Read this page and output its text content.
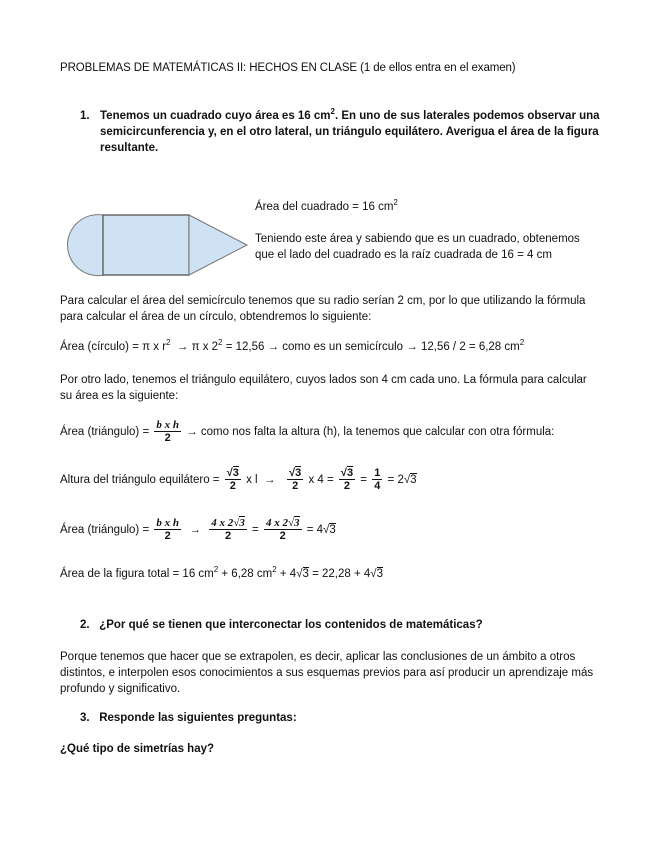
PROBLEMAS DE MATEMÁTICAS II: HECHOS EN CLASE (1 de ellos entra en el examen)
1. Tenemos un cuadrado cuyo área es 16 $cm^2$. En uno de sus laterales podemos observar una semicircunferencia y, en el otro lateral, un triángulo equilátero. Averigua el área de la figura resultante.
Área del cuadrado = 16 $cm^2$
Teniendo este área y sabiendo que es un cuadrado, obtenemos que el lado del cuadrado es la raíz cuadrada de 16 = 4 cm
Para calcular el área del semicírculo tenemos que su radio serían 2 cm, por lo que utilizando la fórmula para calcular el área de un círculo, obtendremos lo siguiente:
Área (círculo) = π x $r^2 \to \pi$ x $2^2 = 12,56$ → como es un semicírculo → 12,56 / 2 = 6,28 $cm^2$
Por otro lado, tenemos el triángulo equilátero, cuyos lados son 4 cm cada uno. La fórmula para calcular su área es la siguiente:
Área (triángulo) = $\frac{\text{b x h}}{2}$ → como nos falta la altura (h), la tenemos que calcular con otra fórmula:
Altura del triángulo equilátero = $\frac{√3}{2}$ x $l \to \frac{√3}{2}$ x $4 = \frac{√3}{2} = \frac{1}{4} = 2√3$
Área (triángulo) = $\frac{\text{b x h}}{2} \to \frac{4 x 2√3}{2} = \frac{4 x 2√3}{2} = 4√3$
Área de la figura total = 16 $cm^2 + 6,28$ $cm^2 + 4√3 = 22,28 + 4√3$
2. ¿Por qué se tienen que interconectar los contenidos de matemáticas?
Porque tenemos que hacer que se extrapolen, es decir, aplicar las conclusiones de un ámbito a otros distintos, e interpolen esos conocimientos a sus esquemas previos para así producir un aprendizaje más profundo y significativo.
3. Responde las siguientes preguntas:
¿Qué tipo de simetrías hay?
